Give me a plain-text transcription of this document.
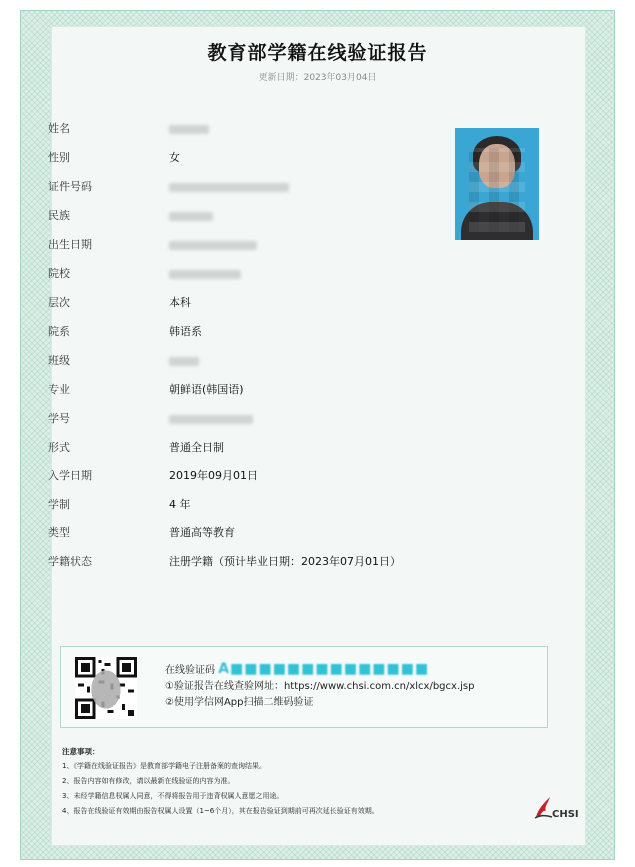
教育部学籍在线验证报告
更新日期：2023年03月04日
姓名
性别	女
证件号码
民族
出生日期
院校
层次	本科
院系	韩语系
班级
专业	朝鲜语(韩国语)
学号
形式	普通全日制
入学日期	2019年09月01日
学制	4 年
类型	普通高等教育
学籍状态	注册学籍（预计毕业日期：2023年07月01日）
在线验证码 A■■■■■■■■■■■■■■
①验证报告在线查验网址：https://www.chsi.com.cn/xlcx/bgcx.jsp
②使用学信网App扫描二维码验证
注意事项：
1、《学籍在线验证报告》是教育部学籍电子注册备案的查询结果。
2、报告内容如有修改，请以最新在线验证的内容为准。
3、未经学籍信息权属人同意，不得将报告用于违背权属人意愿之用途。
4、报告在线验证有效期由报告权属人设置（1~6个月），其在报告验证到期前可再次延长验证有效期。	CHSI
